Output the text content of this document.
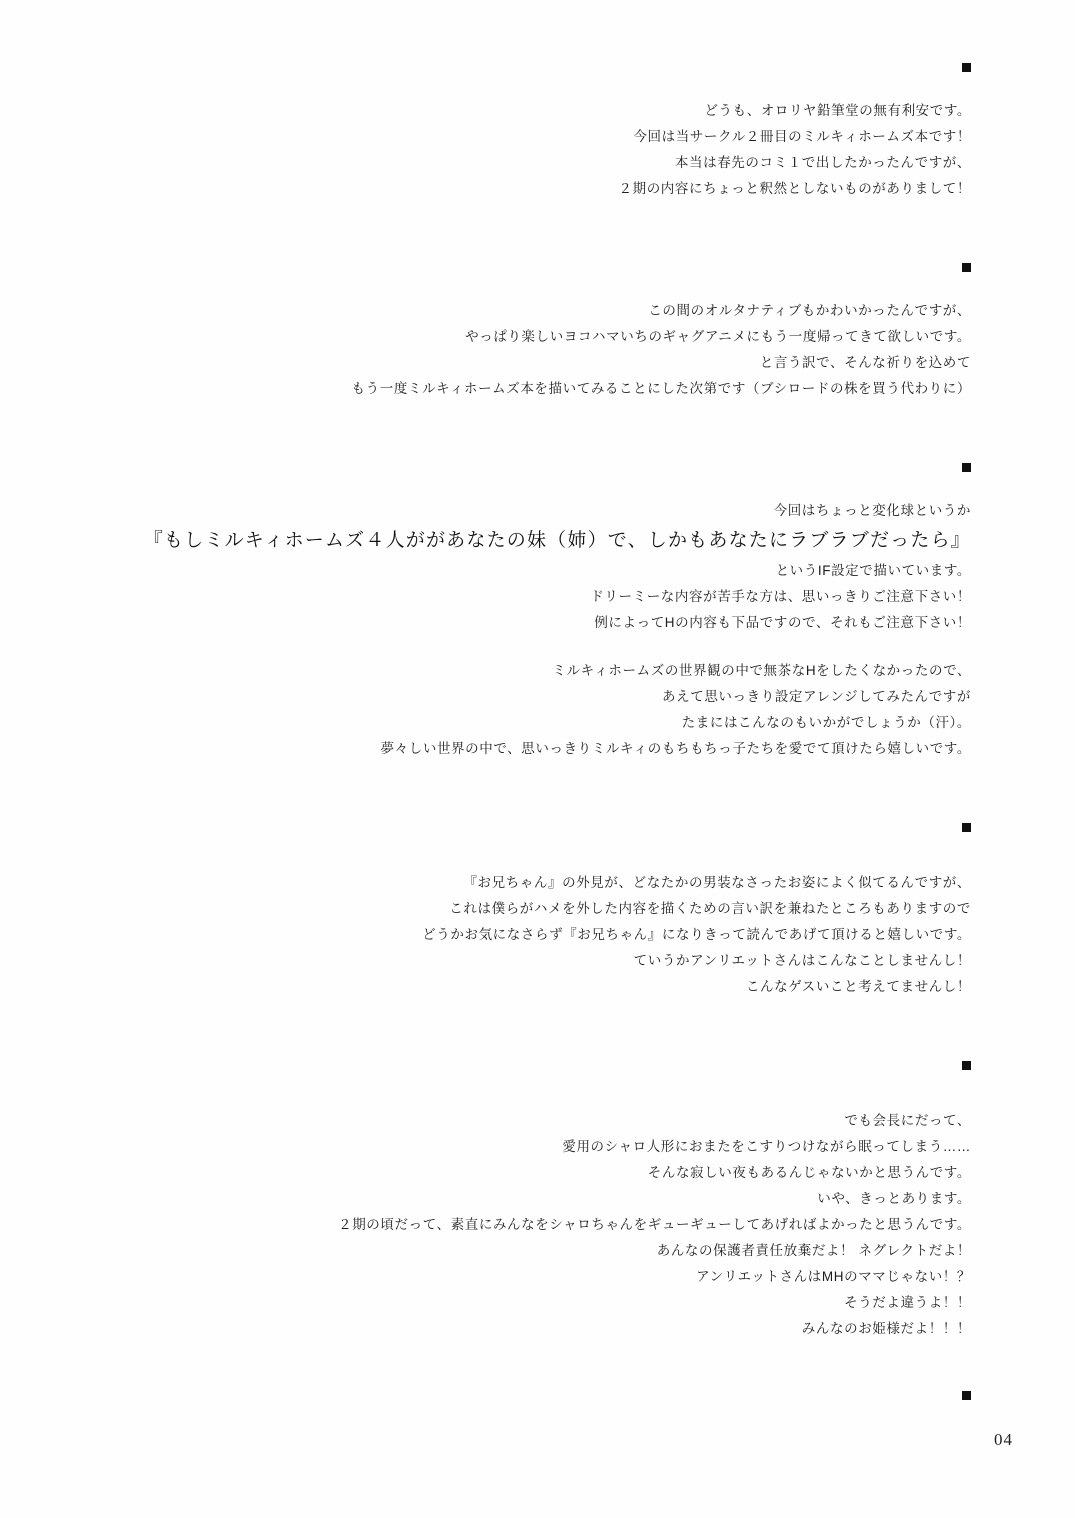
どうも、オロリヤ鉛筆堂の無有利安です。
今回は当サークル２冊目のミルキィホームズ本です！
本当は春先のコミ１で出したかったんですが、
２期の内容にちょっと釈然としないものがありまして！
この間のオルタナティブもかわいかったんですが、
やっぱり楽しいヨコハマいちのギャグアニメにもう一度帰ってきて欲しいです。
と言う訳で、そんな祈りを込めて
もう一度ミルキィホームズ本を描いてみることにした次第です（ブシロードの株を買う代わりに）
今回はちょっと変化球というか
『もしミルキィホームズ４人ががあなたの妹（姉）で、しかもあなたにラブラブだったら』
というIF設定で描いています。
ドリーミーな内容が苦手な方は、思いっきりご注意下さい！
例によってHの内容も下品ですので、それもご注意下さい！
ミルキィホームズの世界観の中で無茶なHをしたくなかったので、
あえて思いっきり設定アレンジしてみたんですが
たまにはこんなのもいかがでしょうか（汗）。
夢々しい世界の中で、思いっきりミルキィのもちもちっ子たちを愛でて頂けたら嬉しいです。
『お兄ちゃん』の外見が、どなたかの男装なさったお姿によく似てるんですが、
これは僕らがハメを外した内容を描くための言い訳を兼ねたところもありますので
どうかお気になさらず『お兄ちゃん』になりきって読んであげて頂けると嬉しいです。
ていうかアンリエットさんはこんなことしませんし！
こんなゲスいこと考えてませんし！
でも会長にだって、
愛用のシャロ人形におまたをこすりつけながら眠ってしまう……
そんな寂しい夜もあるんじゃないかと思うんです。
いや、きっとあります。
２期の頃だって、素直にみんなをシャロちゃんをギューギューしてあげればよかったと思うんです。
あんなの保護者責任放棄だよ！ ネグレクトだよ！
アンリエットさんはMHのママじゃない！？
そうだよ違うよ！！
みんなのお姫様だよ！！！
04
